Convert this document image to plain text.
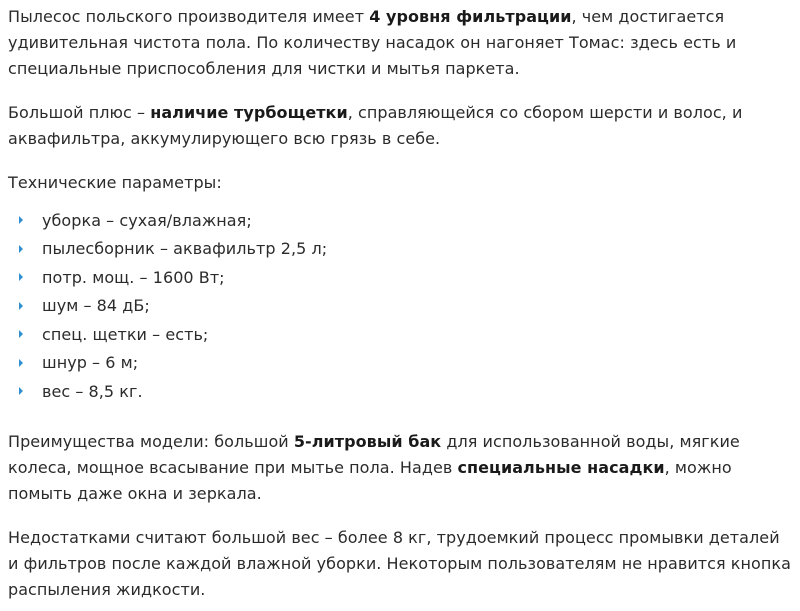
Пылесос польского производителя имеет 4 уровня фильтрации, чем достигается удивительная чистота пола. По количеству насадок он нагоняет Томас: здесь есть и специальные приспособления для чистки и мытья паркета.

Большой плюс – наличие турбощетки, справляющейся со сбором шерсти и волос, и аквафильтра, аккумулирующего всю грязь в себе.

Технические параметры:

уборка – сухая/влажная;
пылесборник – аквафильтр 2,5 л;
потр. мощ. – 1600 Вт;
шум – 84 дБ;
спец. щетки – есть;
шнур – 6 м;
вес – 8,5 кг.

Преимущества модели: большой 5-литровый бак для использованной воды, мягкие колеса, мощное всасывание при мытье пола. Надев специальные насадки, можно помыть даже окна и зеркала.

Недостатками считают большой вес – более 8 кг, трудоемкий процесс промывки деталей и фильтров после каждой влажной уборки. Некоторым пользователям не нравится кнопка распыления жидкости.
